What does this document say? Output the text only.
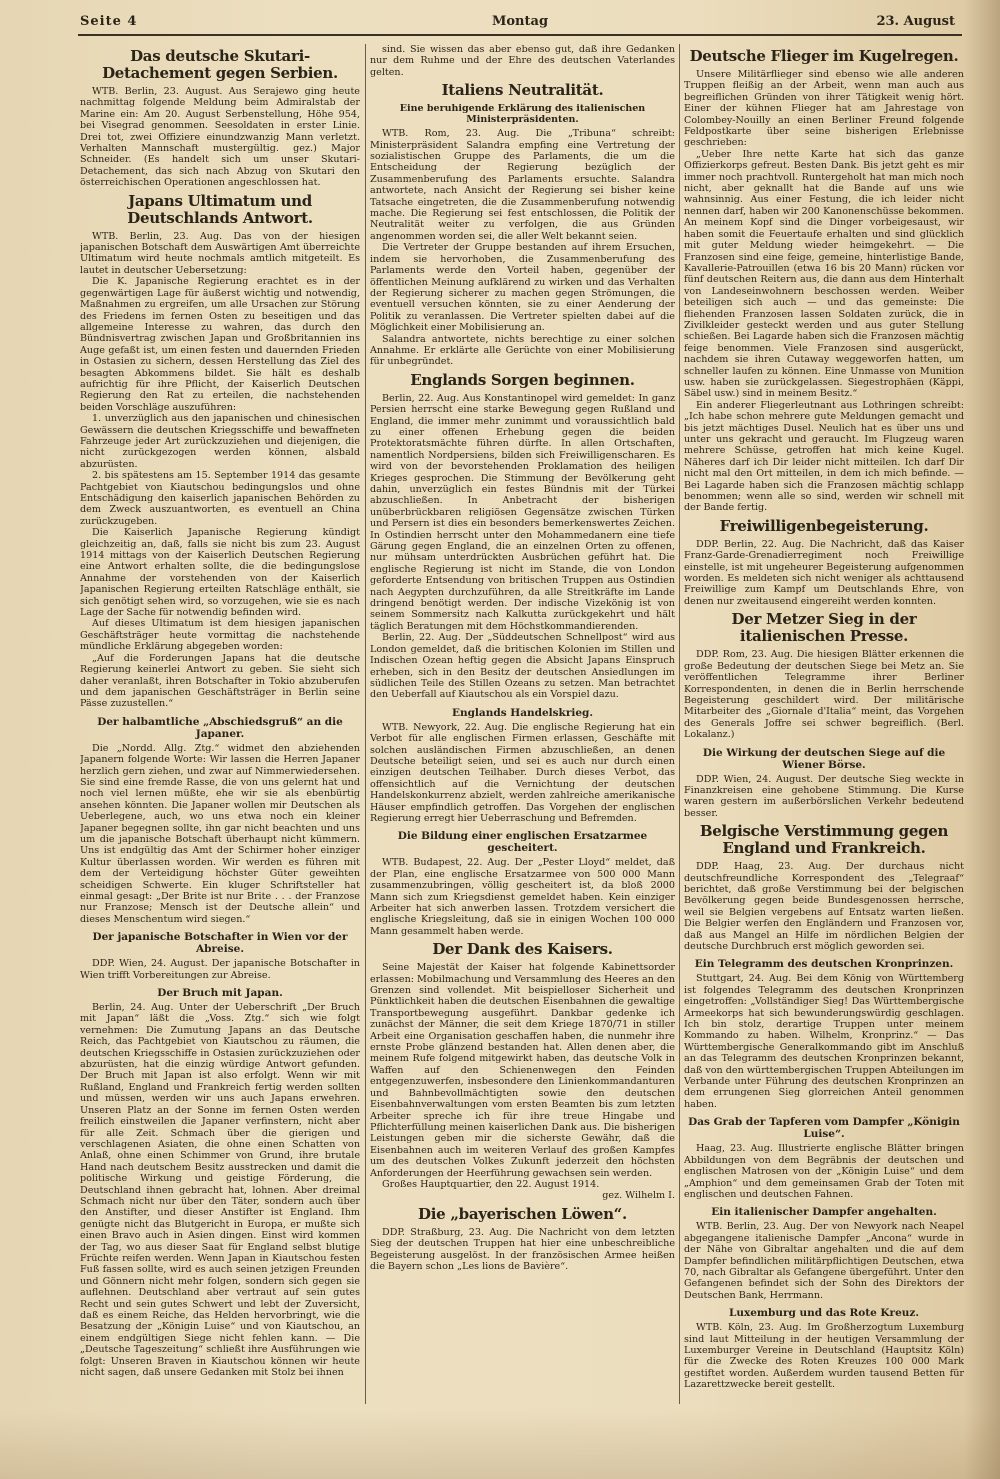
Seite 4	Montag	23. August
Das deutsche Skutari-Detachement gegen Serbien.

WTB. Berlin, 23. August. Aus Serajewo ging heute nachmittag folgende Meldung beim Admiralstab der Marine ein: Am 20. August Serbenstellung, Höhe 954, bei Visegrad genommen. Seesoldaten in erster Linie. Drei tot, zwei Offiziere einundzwanzig Mann verletzt. Verhalten Mannschaft mustergültig. gez.) Major Schneider. (Es handelt sich um unser Skutari-Detachement, das sich nach Abzug von Skutari den österreichischen Operationen angeschlossen hat.

Japans Ultimatum und Deutschlands Antwort.

WTB. Berlin, 23. Aug. Das von der hiesigen japanischen Botschaft dem Auswärtigen Amt überreichte Ultimatum wird heute nochmals amtlich mitgeteilt. Es lautet in deutscher Uebersetzung:

Die K. Japanische Regierung erachtet es in der gegenwärtigen Lage für äußerst wichtig und notwendig, Maßnahmen zu ergreifen, um alle Ursachen zur Störung des Friedens im fernen Osten zu beseitigen und das allgemeine Interesse zu wahren, das durch den Bündnisvertrag zwischen Japan und Großbritannien ins Auge gefaßt ist, um einen festen und dauernden Frieden in Ostasien zu sichern, dessen Herstellung das Ziel des besagten Abkommens bildet. Sie hält es deshalb aufrichtig für ihre Pflicht, der Kaiserlich Deutschen Regierung den Rat zu erteilen, die nachstehenden beiden Vorschläge auszuführen:

1. unverzüglich aus den japanischen und chinesischen Gewässern die deutschen Kriegsschiffe und bewaffneten Fahrzeuge jeder Art zurückzuziehen und diejenigen, die nicht zurückgezogen werden können, alsbald abzurüsten.

2. bis spätestens am 15. September 1914 das gesamte Pachtgebiet von Kiautschou bedingungslos und ohne Entschädigung den kaiserlich japanischen Behörden zu dem Zweck auszuantworten, es eventuell an China zurückzugeben.

Die Kaiserlich Japanische Regierung kündigt gleichzeitig an, daß, falls sie nicht bis zum 23. August 1914 mittags von der Kaiserlich Deutschen Regierung eine Antwort erhalten sollte, die die bedingungslose Annahme der vorstehenden von der Kaiserlich Japanischen Regierung erteilten Ratschläge enthält, sie sich genötigt sehen wird, so vorzugehen, wie sie es nach Lage der Sache für notwendig befinden wird.

Auf dieses Ultimatum ist dem hiesigen japanischen Geschäftsträger heute vormittag die nachstehende mündliche Erklärung abgegeben worden:

„Auf die Forderungen Japans hat die deutsche Regierung keinerlei Antwort zu geben. Sie sieht sich daher veranlaßt, ihren Botschafter in Tokio abzuberufen und dem japanischen Geschäftsträger in Berlin seine Pässe zuzustellen.“

Der halbamtliche „Abschiedsgruß“ an die Japaner.

Die „Nordd. Allg. Ztg.“ widmet den abziehenden Japanern folgende Worte: Wir lassen die Herren Japaner herzlich gern ziehen, und zwar auf Nimmerwiedersehen. Sie sind eine fremde Rasse, die von uns gelernt hat und noch viel lernen müßte, ehe wir sie als ebenbürtig ansehen könnten. Die Japaner wollen mir Deutschen als Ueberlegene, auch, wo uns etwa noch ein kleiner Japaner begegnen sollte, ihn gar nicht beachten und uns um die japanische Botschaft überhaupt nicht kümmern. Uns ist endgültig das Amt der Schirmer hoher einziger Kultur überlassen worden. Wir werden es führen mit dem der Verteidigung höchster Güter geweihten scheidigen Schwerte. Ein kluger Schriftsteller hat einmal gesagt: „Der Brite ist nur Brite . . . der Franzose nur Franzose; Mensch ist der Deutsche allein“ und dieses Menschentum wird siegen.“

Der japanische Botschafter in Wien vor der Abreise.

DDP. Wien, 24. August. Der japanische Botschafter in Wien trifft Vorbereitungen zur Abreise.

Der Bruch mit Japan.

Berlin, 24. Aug. Unter der Ueberschrift „Der Bruch mit Japan“ läßt die „Voss. Ztg.“ sich wie folgt vernehmen: Die Zumutung Japans an das Deutsche Reich, das Pachtgebiet von Kiautschou zu räumen, die deutschen Kriegsschiffe in Ostasien zurückzuziehen oder abzurüsten, hat die einzig würdige Antwort gefunden. Der Bruch mit Japan ist also erfolgt. Wenn wir mit Rußland, England und Frankreich fertig werden sollten und müssen, werden wir uns auch Japans erwehren. Unseren Platz an der Sonne im fernen Osten werden freilich einstweilen die Japaner verfinstern, nicht aber für alle Zeit. Schmach über die gierigen und verschlagenen Asiaten, die ohne einen Schatten von Anlaß, ohne einen Schimmer von Grund, ihre brutale Hand nach deutschem Besitz ausstrecken und damit die politische Wirkung und geistige Förderung, die Deutschland ihnen gebracht hat, lohnen. Aber dreimal Schmach nicht nur über den Täter, sondern auch über den Anstifter, und dieser Anstifter ist England. Ihm genügte nicht das Blutgericht in Europa, er mußte sich einen Bravo auch in Asien dingen. Einst wird kommen der Tag, wo aus dieser Saat für England selbst blutige Früchte reifen werden. Wenn Japan in Kiautschou festen Fuß fassen sollte, wird es auch seinen jetzigen Freunden und Gönnern nicht mehr folgen, sondern sich gegen sie auflehnen. Deutschland aber vertraut auf sein gutes Recht und sein gutes Schwert und lebt der Zuversicht, daß es einem Reiche, das Helden hervorbringt, wie die Besatzung der „Königin Luise“ und von Kiautschou, an einem endgültigen Siege nicht fehlen kann. — Die „Deutsche Tageszeitung“ schließt ihre Ausführungen wie folgt: Unseren Braven in Kiautschou können wir heute nicht sagen, daß unsere Gedanken mit Stolz bei ihnen

sind. Sie wissen das aber ebenso gut, daß ihre Gedanken nur dem Ruhme und der Ehre des deutschen Vaterlandes gelten.

Italiens Neutralität.
Eine beruhigende Erklärung des italienischen Ministerpräsidenten.

WTB. Rom, 23. Aug. Die „Tribuna“ schreibt: Ministerpräsident Salandra empfing eine Vertretung der sozialistischen Gruppe des Parlaments, die um die Entscheidung der Regierung bezüglich der Zusammenberufung des Parlaments ersuchte. Salandra antwortete, nach Ansicht der Regierung sei bisher keine Tatsache eingetreten, die die Zusammenberufung notwendig mache. Die Regierung sei fest entschlossen, die Politik der Neutralität weiter zu verfolgen, die aus Gründen angenommen worden sei, die aller Welt bekannt seien.

Die Vertreter der Gruppe bestanden auf ihrem Ersuchen, indem sie hervorhoben, die Zusammenberufung des Parlaments werde den Vorteil haben, gegenüber der öffentlichen Meinung aufklärend zu wirken und das Verhalten der Regierung sicherer zu machen gegen Strömungen, die eventuell versuchen könnten, sie zu einer Aenderung der Politik zu veranlassen. Die Vertreter spielten dabei auf die Möglichkeit einer Mobilisierung an.

Salandra antwortete, nichts berechtige zu einer solchen Annahme. Er erklärte alle Gerüchte von einer Mobilisierung für unbegründet.

Englands Sorgen beginnen.

Berlin, 22. Aug. Aus Konstantinopel wird gemeldet: In ganz Persien herrscht eine starke Bewegung gegen Rußland und England, die immer mehr zunimmt und voraussichtlich bald zu einer offenen Erhebung gegen die beiden Protektoratsmächte führen dürfte. In allen Ortschaften, namentlich Nordpersiens, bilden sich Freiwilligenscharen. Es wird von der bevorstehenden Proklamation des heiligen Krieges gesprochen. Die Stimmung der Bevölkerung geht dahin, unverzüglich ein festes Bündnis mit der Türkei abzuschließen. In Anbetracht der bisherigen unüberbrückbaren religiösen Gegensätze zwischen Türken und Persern ist dies ein besonders bemerkenswertes Zeichen. In Ostindien herrscht unter den Mohammedanern eine tiefe Gärung gegen England, die an einzelnen Orten zu offenen, nur mühsam unterdrückten Ausbrüchen geführt hat. Die englische Regierung ist nicht im Stande, die von London geforderte Entsendung von britischen Truppen aus Ostindien nach Aegypten durchzuführen, da alle Streitkräfte im Lande dringend benötigt werden. Der indische Vizekönig ist von seinem Sommersitz nach Kalkutta zurückgekehrt und hält täglich Beratungen mit dem Höchstkommandierenden.

Berlin, 22. Aug. Der „Süddeutschen Schnellpost“ wird aus London gemeldet, daß die britischen Kolonien im Stillen und Indischen Ozean heftig gegen die Absicht Japans Einspruch erheben, sich in den Besitz der deutschen Ansiedlungen im südlichen Teile des Stillen Ozeans zu setzen. Man betrachtet den Ueberfall auf Kiautschou als ein Vorspiel dazu.

Englands Handelskrieg.

WTB. Newyork, 22. Aug. Die englische Regierung hat ein Verbot für alle englischen Firmen erlassen, Geschäfte mit solchen ausländischen Firmen abzuschließen, an denen Deutsche beteiligt seien, und sei es auch nur durch einen einzigen deutschen Teilhaber. Durch dieses Verbot, das offensichtlich auf die Vernichtung der deutschen Handelskonkurrenz abzielt, werden zahlreiche amerikanische Häuser empfindlich getroffen. Das Vorgehen der englischen Regierung erregt hier Ueberraschung und Befremden.

Die Bildung einer englischen Ersatzarmee gescheitert.

WTB. Budapest, 22. Aug. Der „Pester Lloyd“ meldet, daß der Plan, eine englische Ersatzarmee von 500 000 Mann zusammenzubringen, völlig gescheitert ist, da bloß 2000 Mann sich zum Kriegsdienst gemeldet haben. Kein einziger Arbeiter hat sich anwerben lassen. Trotzdem versichert die englische Kriegsleitung, daß sie in einigen Wochen 100 000 Mann gesammelt haben werde.

Der Dank des Kaisers.

Seine Majestät der Kaiser hat folgende Kabinettsorder erlassen: Mobilmachung und Versammlung des Heeres an den Grenzen sind vollendet. Mit beispielloser Sicherheit und Pünktlichkeit haben die deutschen Eisenbahnen die gewaltige Transportbewegung ausgeführt. Dankbar gedenke ich zunächst der Männer, die seit dem Kriege 1870/71 in stiller Arbeit eine Organisation geschaffen haben, die nunmehr ihre ernste Probe glänzend bestanden hat. Allen denen aber, die meinem Rufe folgend mitgewirkt haben, das deutsche Volk in Waffen auf den Schienenwegen den Feinden entgegenzuwerfen, insbesondere den Linienkommandanturen und Bahnbevollmächtigten sowie den deutschen Eisenbahnverwaltungen vom ersten Beamten bis zum letzten Arbeiter spreche ich für ihre treue Hingabe und Pflichterfüllung meinen kaiserlichen Dank aus. Die bisherigen Leistungen geben mir die sicherste Gewähr, daß die Eisenbahnen auch im weiteren Verlauf des großen Kampfes um des deutschen Volkes Zukunft jederzeit den höchsten Anforderungen der Heerführung gewachsen sein werden.

Großes Hauptquartier, den 22. August 1914.

gez. Wilhelm I.

Die „bayerischen Löwen“.

DDP. Straßburg, 23. Aug. Die Nachricht von dem letzten Sieg der deutschen Truppen hat hier eine unbeschreibliche Begeisterung ausgelöst. In der französischen Armee heißen die Bayern schon „Les lions de Bavière“.

Deutsche Flieger im Kugelregen.

Unsere Militärflieger sind ebenso wie alle anderen Truppen fleißig an der Arbeit, wenn man auch aus begreiflichen Gründen von ihrer Tätigkeit wenig hört. Einer der kühnen Flieger hat am Jahrestage von Colombey-Nouilly an einen Berliner Freund folgende Feldpostkarte über seine bisherigen Erlebnisse geschrieben:

„Ueber Ihre nette Karte hat sich das ganze Offizierkorps gefreut. Besten Dank. Bis jetzt geht es mir immer noch prachtvoll. Runtergeholt hat man mich noch nicht, aber geknallt hat die Bande auf uns wie wahnsinnig. Aus einer Festung, die ich leider nicht nennen darf, haben wir 200 Kanonenschüsse bekommen. An meinem Kopf sind die Dinger vorbeigesaust, wir haben somit die Feuertaufe erhalten und sind glücklich mit guter Meldung wieder heimgekehrt. — Die Franzosen sind eine feige, gemeine, hinterlistige Bande, Kavallerie-Patrouillen (etwa 16 bis 20 Mann) rücken vor fünf deutschen Reitern aus, die dann aus dem Hinterhalt von Landeseinwohnern beschossen werden. Weiber beteiligen sich auch — und das gemeinste: Die fliehenden Franzosen lassen Soldaten zurück, die in Zivilkleider gesteckt werden und aus guter Stellung schießen. Bei Lagarde haben sich die Franzosen mächtig feige benommen. Viele Franzosen sind ausgerückt, nachdem sie ihren Cutaway weggeworfen hatten, um schneller laufen zu können. Eine Unmasse von Munition usw. haben sie zurückgelassen. Siegestrophäen (Käppi, Säbel usw.) sind in meinem Besitz.“

Ein anderer Fliegerleutnant aus Lothringen schreibt: „Ich habe schon mehrere gute Meldungen gemacht und bis jetzt mächtiges Dusel. Neulich hat es über uns und unter uns gekracht und geraucht. Im Flugzeug waren mehrere Schüsse, getroffen hat mich keine Kugel. Näheres darf ich Dir leider nicht mitteilen. Ich darf Dir nicht mal den Ort mitteilen, in dem ich mich befinde. — Bei Lagarde haben sich die Franzosen mächtig schlapp benommen; wenn alle so sind, werden wir schnell mit der Bande fertig.

Freiwilligenbegeisterung.

DDP. Berlin, 22. Aug. Die Nachricht, daß das Kaiser Franz-Garde-Grenadierregiment noch Freiwillige einstelle, ist mit ungeheurer Begeisterung aufgenommen worden. Es meldeten sich nicht weniger als achttausend Freiwillige zum Kampf um Deutschlands Ehre, von denen nur zweitausend eingereiht werden konnten.

Der Metzer Sieg in der italienischen Presse.

DDP. Rom, 23. Aug. Die hiesigen Blätter erkennen die große Bedeutung der deutschen Siege bei Metz an. Sie veröffentlichen Telegramme ihrer Berliner Korrespondenten, in denen die in Berlin herrschende Begeisterung geschildert wird. Der militärische Mitarbeiter des „Giornale d'Italia“ meint, das Vorgehen des Generals Joffre sei schwer begreiflich. (Berl. Lokalanz.)

Die Wirkung der deutschen Siege auf die Wiener Börse.

DDP. Wien, 24. August. Der deutsche Sieg weckte in Finanzkreisen eine gehobene Stimmung. Die Kurse waren gestern im außerbörslichen Verkehr bedeutend besser.

Belgische Verstimmung gegen England und Frankreich.

DDP. Haag, 23. Aug. Der durchaus nicht deutschfreundliche Korrespondent des „Telegraaf“ berichtet, daß große Verstimmung bei der belgischen Bevölkerung gegen beide Bundesgenossen herrsche, weil sie Belgien vergebens auf Entsatz warten ließen. Die Belgier werfen den Engländern und Franzosen vor, daß aus Mangel an Hilfe im nördlichen Belgien der deutsche Durchbruch erst möglich geworden sei.

Ein Telegramm des deutschen Kronprinzen.

Stuttgart, 24. Aug. Bei dem König von Württemberg ist folgendes Telegramm des deutschen Kronprinzen eingetroffen: „Vollständiger Sieg! Das Württembergische Armeekorps hat sich bewunderungswürdig geschlagen. Ich bin stolz, derartige Truppen unter meinem Kommando zu haben. Wilhelm, Kronprinz.“ — Das Württembergische Generalkommando gibt im Anschluß an das Telegramm des deutschen Kronprinzen bekannt, daß von den württembergischen Truppen Abteilungen im Verbande unter Führung des deutschen Kronprinzen an dem errungenen Sieg glorreichen Anteil genommen haben.

Das Grab der Tapferen vom Dampfer „Königin Luise“.

Haag, 23. Aug. Illustrierte englische Blätter bringen Abbildungen von dem Begräbnis der deutschen und englischen Matrosen von der „Königin Luise“ und dem „Amphion“ und dem gemeinsamen Grab der Toten mit englischen und deutschen Fahnen.

Ein italienischer Dampfer angehalten.

WTB. Berlin, 23. Aug. Der von Newyork nach Neapel abgegangene italienische Dampfer „Ancona“ wurde in der Nähe von Gibraltar angehalten und die auf dem Dampfer befindlichen militärpflichtigen Deutschen, etwa 70, nach Gibraltar als Gefangene übergeführt. Unter den Gefangenen befindet sich der Sohn des Direktors der Deutschen Bank, Herrmann.

Luxemburg und das Rote Kreuz.

WTB. Köln, 23. Aug. Im Großherzogtum Luxemburg sind laut Mitteilung in der heutigen Versammlung der Luxemburger Vereine in Deutschland (Hauptsitz Köln) für die Zwecke des Roten Kreuzes 100 000 Mark gestiftet worden. Außerdem wurden tausend Betten für Lazarettzwecke bereit gestellt.
